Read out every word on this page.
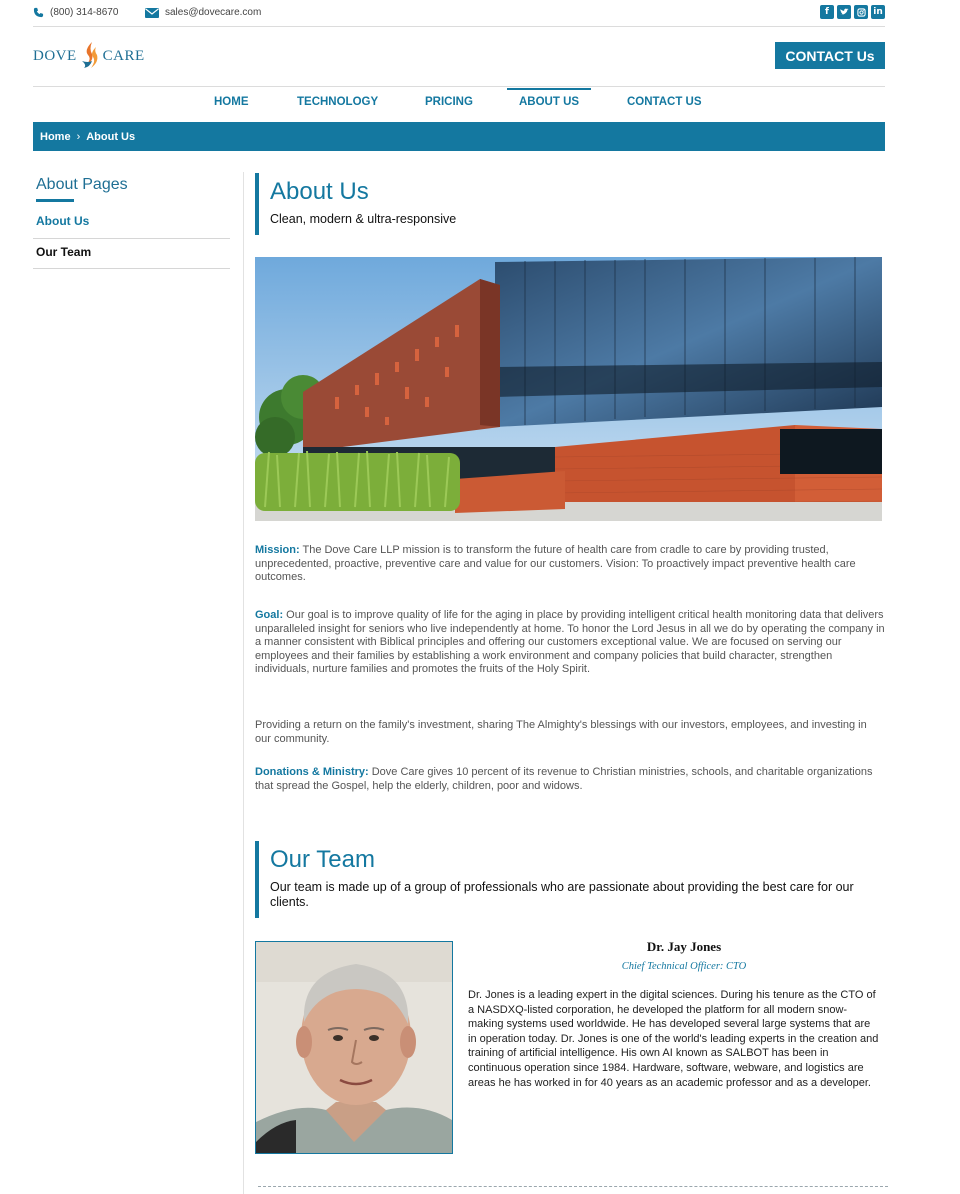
(800) 314-8670	sales@dovecare.com	f	in
DOVE CARE	CONTACT Us
HOME	TECHNOLOGY	PRICING	ABOUT US	CONTACT US
Home › About Us
About Pages
About Us
Our Team
About Us
Clean, modern & ultra-responsive
Mission: The Dove Care LLP mission is to transform the future of health care from cradle to care by providing trusted, unprecedented, proactive, preventive care and value for our customers. Vision: To proactively impact preventive health care outcomes.
Goal: Our goal is to improve quality of life for the aging in place by providing intelligent critical health monitoring data that delivers unparalleled insight for seniors who live independently at home. To honor the Lord Jesus in all we do by operating the company in a manner consistent with Biblical principles and offering our customers exceptional value. We are focused on serving our employees and their families by establishing a work environment and company policies that build character, strengthen individuals, nurture families and promotes the fruits of the Holy Spirit.
Providing a return on the family's investment, sharing The Almighty's blessings with our investors, employees, and investing in our community.
Donations & Ministry: Dove Care gives 10 percent of its revenue to Christian ministries, schools, and charitable organizations that spread the Gospel, help the elderly, children, poor and widows.
Our Team
Our team is made up of a group of professionals who are passionate about providing the best care for our clients.
Dr. Jay Jones
Chief Technical Officer: CTO
Dr. Jones is a leading expert in the digital sciences. During his tenure as the CTO of a NASDXQ-listed corporation, he developed the platform for all modern snow-making systems used worldwide. He has developed several large systems that are in operation today. Dr. Jones is one of the world's leading experts in the creation and training of artificial intelligence. His own AI known as SALBOT has been in continuous operation since 1984. Hardware, software, webware, and logistics are areas he has worked in for 40 years as an academic professor and as a developer.
